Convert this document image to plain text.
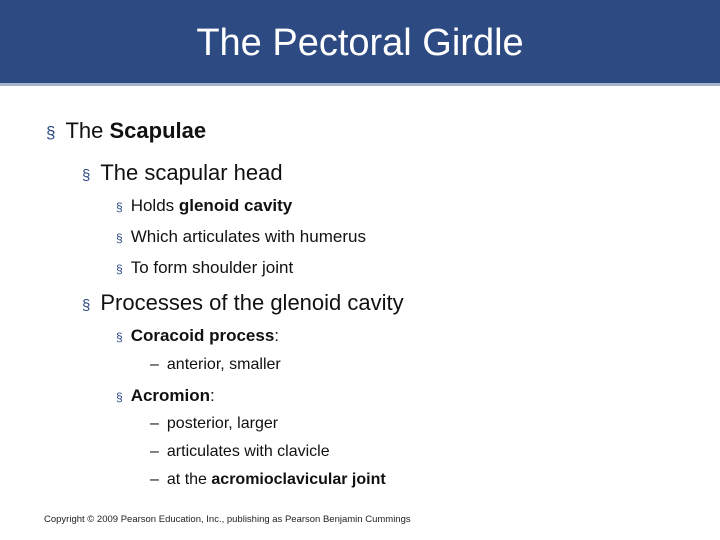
The Pectoral Girdle
§ The Scapulae
§ The scapular head
§ Holds glenoid cavity
§ Which articulates with humerus
§ To form shoulder joint
§ Processes of the glenoid cavity
§ Coracoid process:
– anterior, smaller
§ Acromion:
– posterior, larger
– articulates with clavicle
– at the acromioclavicular joint
Copyright © 2009 Pearson Education, Inc., publishing as Pearson Benjamin Cummings
